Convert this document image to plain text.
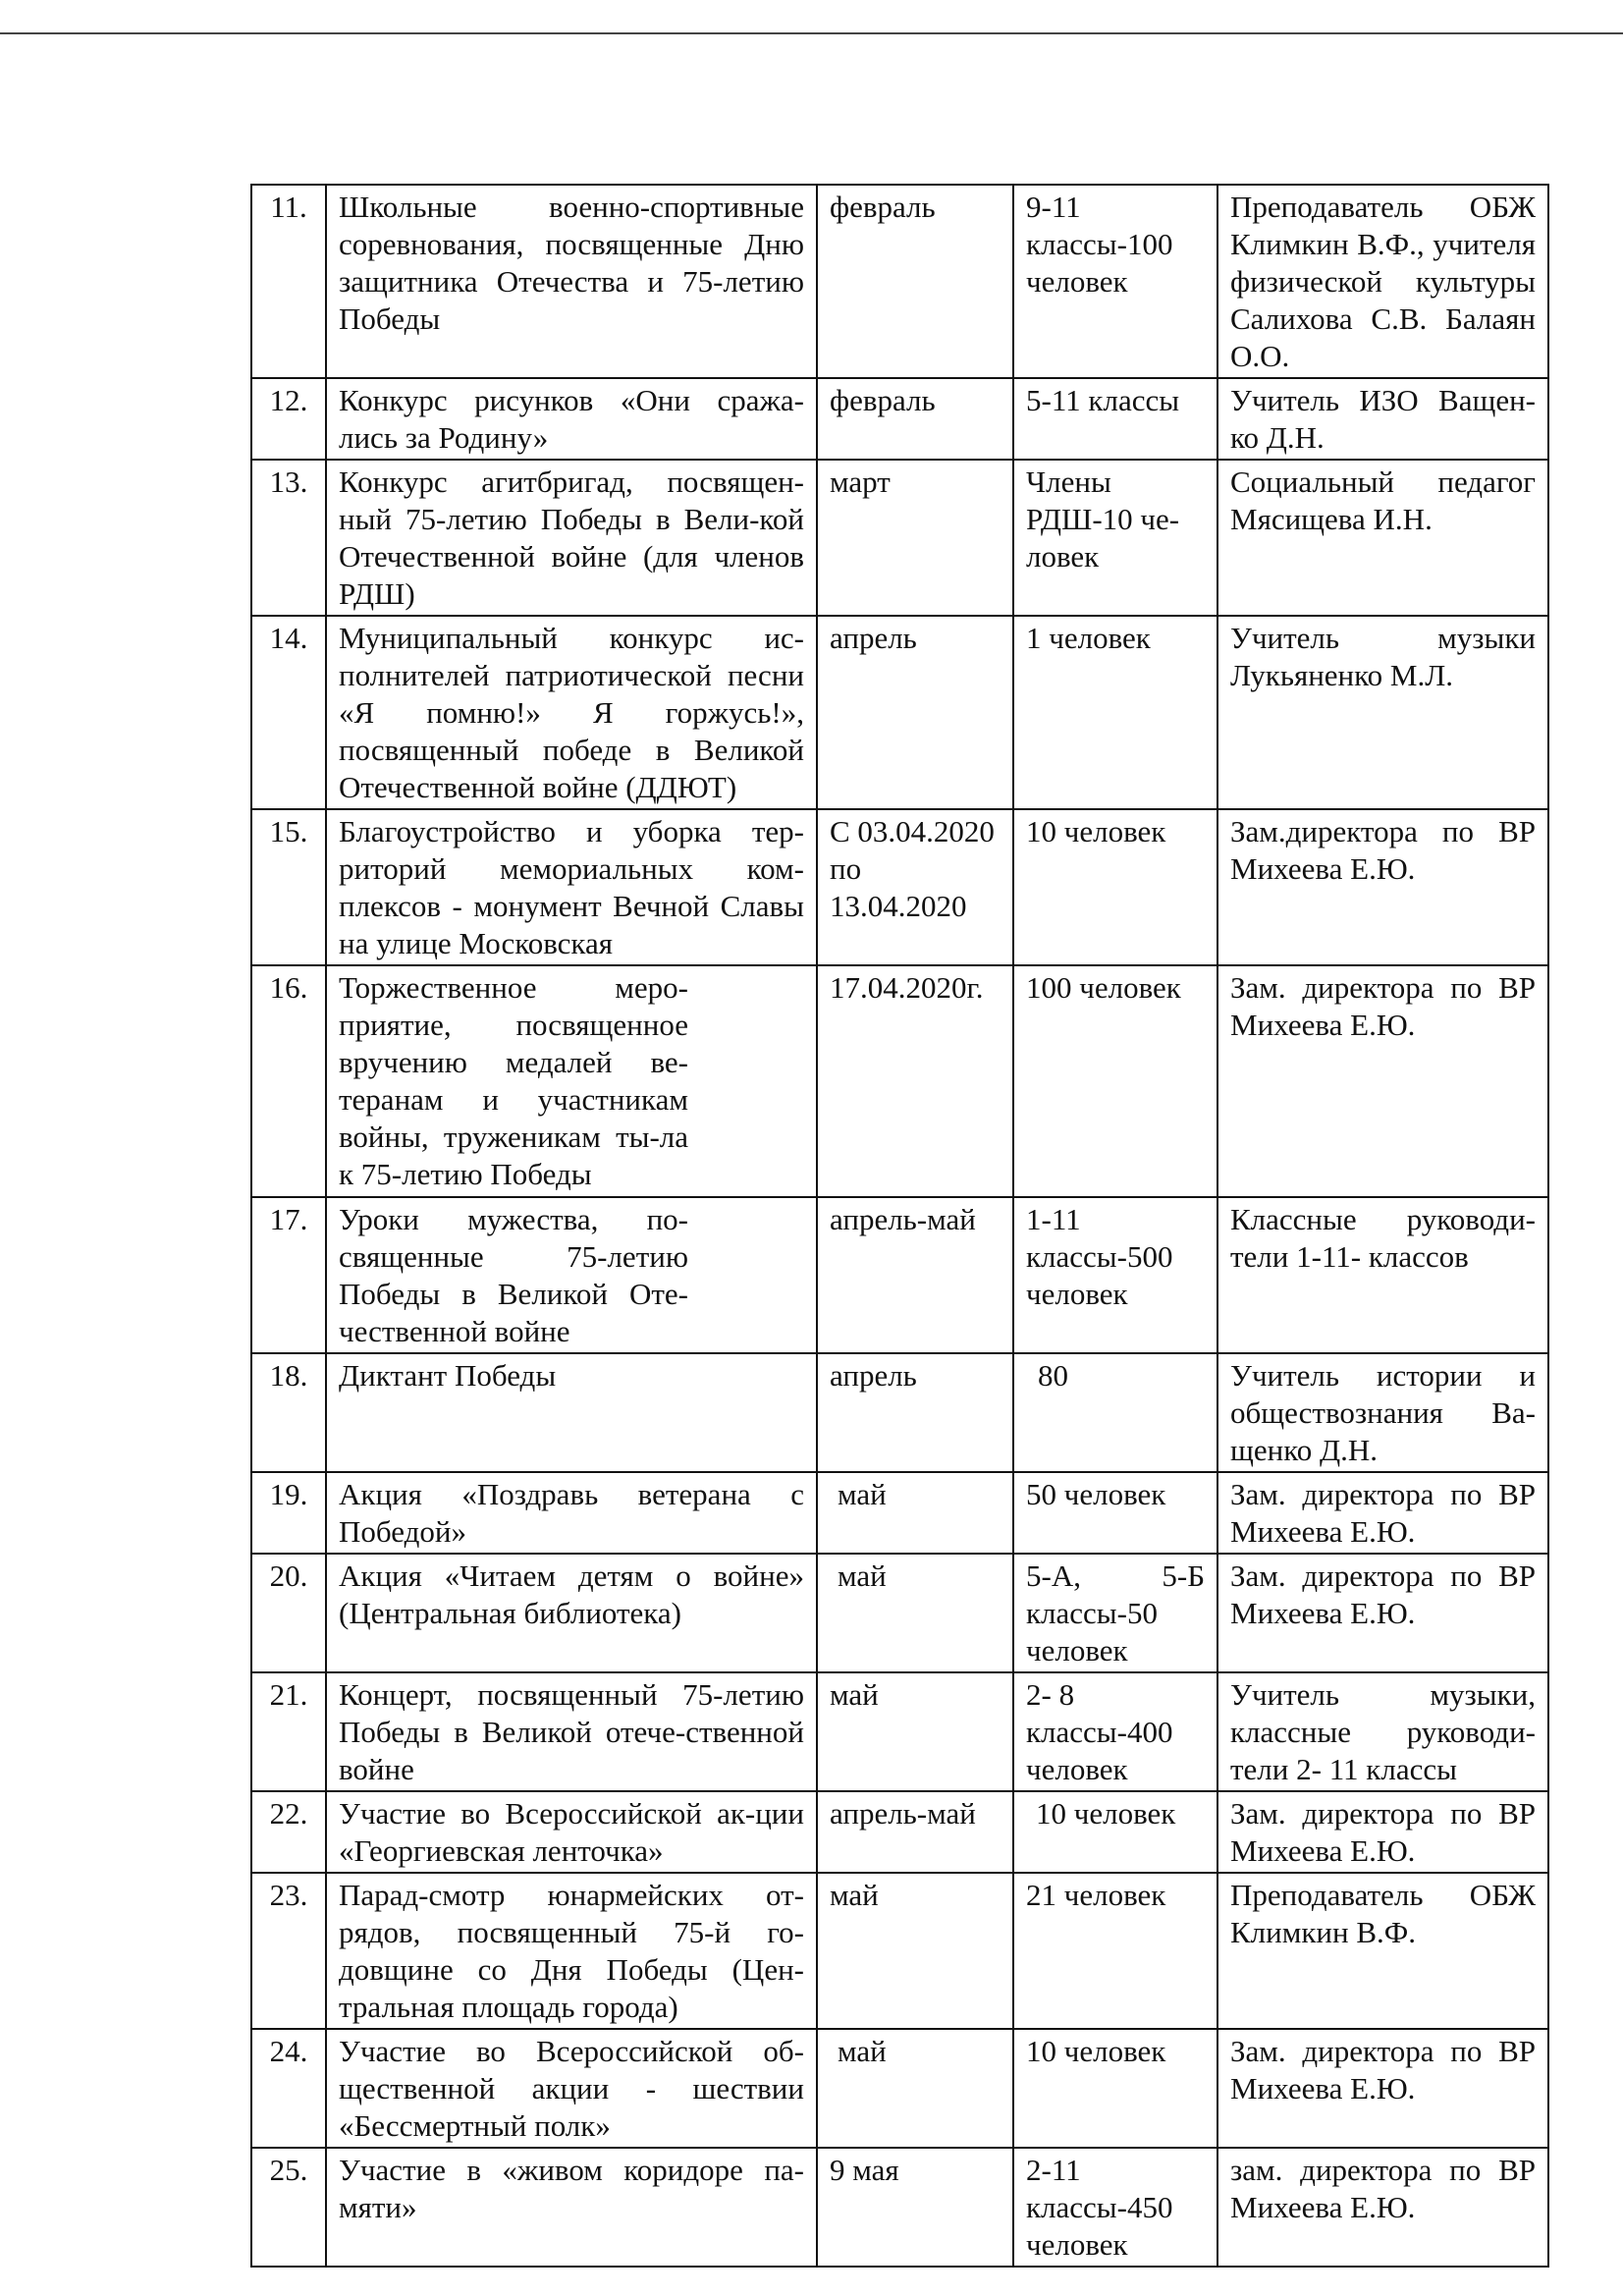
11.	Школьные военно-спортивные соревнования, посвященные Дню защитника Отечества и 75-летию Победы	февраль	9-11 классы-100 человек	Преподаватель ОБЖ Климкин В.Ф., учителя физической культуры Салихова С.В. Балаян О.О.
12.	Конкурс рисунков «Они сража-лись за Родину»	февраль	5-11 классы	Учитель ИЗО Ващен-ко Д.Н.
13.	Конкурс агитбригад, посвящен-ный 75-летию Победы в Вели-кой Отечественной войне (для членов РДШ)	март	Члены РДШ-10 че-ловек	Социальный педагог Мясищева И.Н.
14.	Муниципальный конкурс ис-полнителей патриотической песни «Я помню!» Я горжусь!», посвященный победе в Великой Отечественной войне (ДДЮТ)	апрель	1 человек	Учитель музыки Лукьяненко М.Л.
15.	Благоустройство и уборка тер-риторий мемориальных ком-плексов - монумент Вечной Славы на улице Московская	С 03.04.2020 по 13.04.2020	10 человек	Зам.директора по ВР Михеева Е.Ю.
16.	Торжественное меро-приятие, посвященное вручению медалей ве-теранам и участникам войны, труженикам ты-ла к 75-летию Победы	17.04.2020г.	100 человек	Зам. директора по ВР Михеева Е.Ю.
17.	Уроки мужества, по-священные 75-летию Победы в Великой Оте-чественной войне	апрель-май	1-11 классы-500 человек	Классные руководи-тели 1-11- классов
18.	Диктант Победы	апрель	80	Учитель истории и обществознания Ва-щенко Д.Н.
19.	Акция «Поздравь ветерана с Победой»	май	50 человек	Зам. директора по ВР Михеева Е.Ю.
20.	Акция «Читаем детям о войне» (Центральная библиотека)	май	5-А, 5-Б классы-50 человек	Зам. директора по ВР Михеева Е.Ю.
21.	Концерт, посвященный 75-летию Победы в Великой отече-ственной войне	май	2- 8 классы-400 человек	Учитель музыки, классные руководи-тели 2- 11 классы
22.	Участие во Всероссийской ак-ции «Георгиевская ленточка»	апрель-май	10 человек	Зам. директора по ВР Михеева Е.Ю.
23.	Парад-смотр юнармейских от-рядов, посвященный 75-й го-довщине со Дня Победы (Цен-тральная площадь города)	май	21 человек	Преподаватель ОБЖ Климкин В.Ф.
24.	Участие во Всероссийской об-щественной акции - шествии «Бессмертный полк»	май	10 человек	Зам. директора по ВР Михеева Е.Ю.
25.	Участие в «живом коридоре па-мяти»	9 мая	2-11 классы-450 человек	зам. директора по ВР Михеева Е.Ю.
